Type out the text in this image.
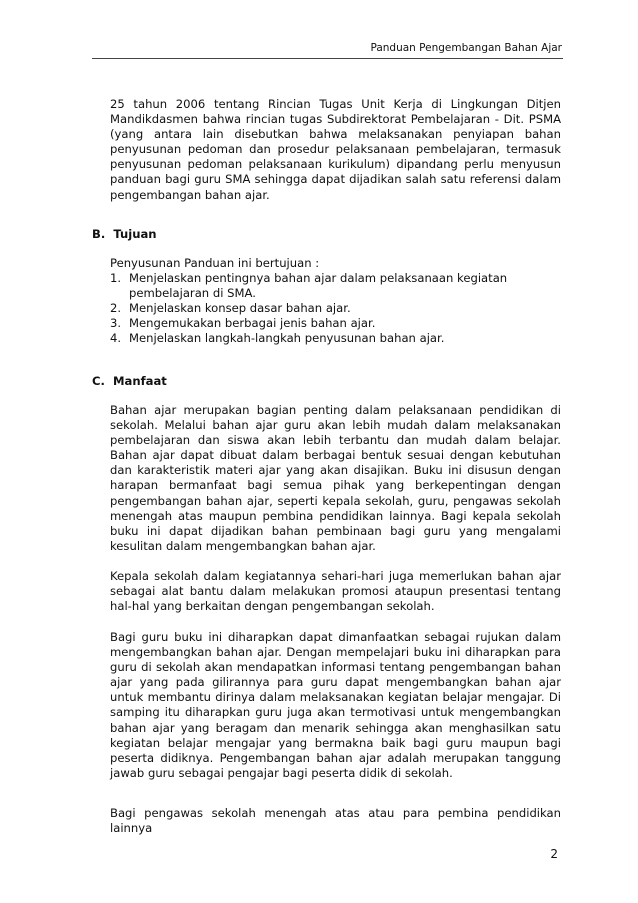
Panduan Pengembangan Bahan Ajar
25 tahun 2006 tentang Rincian Tugas Unit Kerja di Lingkungan Ditjen Mandikdasmen bahwa rincian tugas Subdirektorat Pembelajaran - Dit. PSMA (yang antara lain disebutkan bahwa melaksanakan penyiapan bahan penyusunan pedoman dan prosedur pelaksanaan pembelajaran, termasuk penyusunan pedoman pelaksanaan kurikulum) dipandang perlu menyusun panduan bagi guru SMA sehingga dapat dijadikan salah satu referensi dalam pengembangan bahan ajar.
B. Tujuan
Penyusunan Panduan ini bertujuan :
1. Menjelaskan pentingnya bahan ajar dalam pelaksanaan kegiatan pembelajaran di SMA.
2. Menjelaskan konsep dasar bahan ajar.
3. Mengemukakan berbagai jenis bahan ajar.
4. Menjelaskan langkah-langkah penyusunan bahan ajar.
C. Manfaat
Bahan ajar merupakan bagian penting dalam pelaksanaan pendidikan di sekolah. Melalui bahan ajar guru akan lebih mudah dalam melaksanakan pembelajaran dan siswa akan lebih terbantu dan mudah dalam belajar. Bahan ajar dapat dibuat dalam berbagai bentuk sesuai dengan kebutuhan dan karakteristik materi ajar yang akan disajikan. Buku ini disusun dengan harapan bermanfaat bagi semua pihak yang berkepentingan dengan pengembangan bahan ajar, seperti kepala sekolah, guru, pengawas sekolah menengah atas maupun pembina pendidikan lainnya. Bagi kepala sekolah buku ini dapat dijadikan bahan pembinaan bagi guru yang mengalami kesulitan dalam mengembangkan bahan ajar.
Kepala sekolah dalam kegiatannya sehari-hari juga memerlukan bahan ajar sebagai alat bantu dalam melakukan promosi ataupun presentasi tentang hal-hal yang berkaitan dengan pengembangan sekolah.
Bagi guru buku ini diharapkan dapat dimanfaatkan sebagai rujukan dalam mengembangkan bahan ajar. Dengan mempelajari buku ini diharapkan para guru di sekolah akan mendapatkan informasi tentang pengembangan bahan ajar yang pada gilirannya para guru dapat mengembangkan bahan ajar untuk membantu dirinya dalam melaksanakan kegiatan belajar mengajar. Di samping itu diharapkan guru juga akan termotivasi untuk mengembangkan bahan ajar yang beragam dan menarik sehingga akan menghasilkan satu kegiatan belajar mengajar yang bermakna baik bagi guru maupun bagi peserta didiknya. Pengembangan bahan ajar adalah merupakan tanggung jawab guru sebagai pengajar bagi peserta didik di sekolah.
Bagi pengawas sekolah menengah atas atau para pembina pendidikan lainnya
2
